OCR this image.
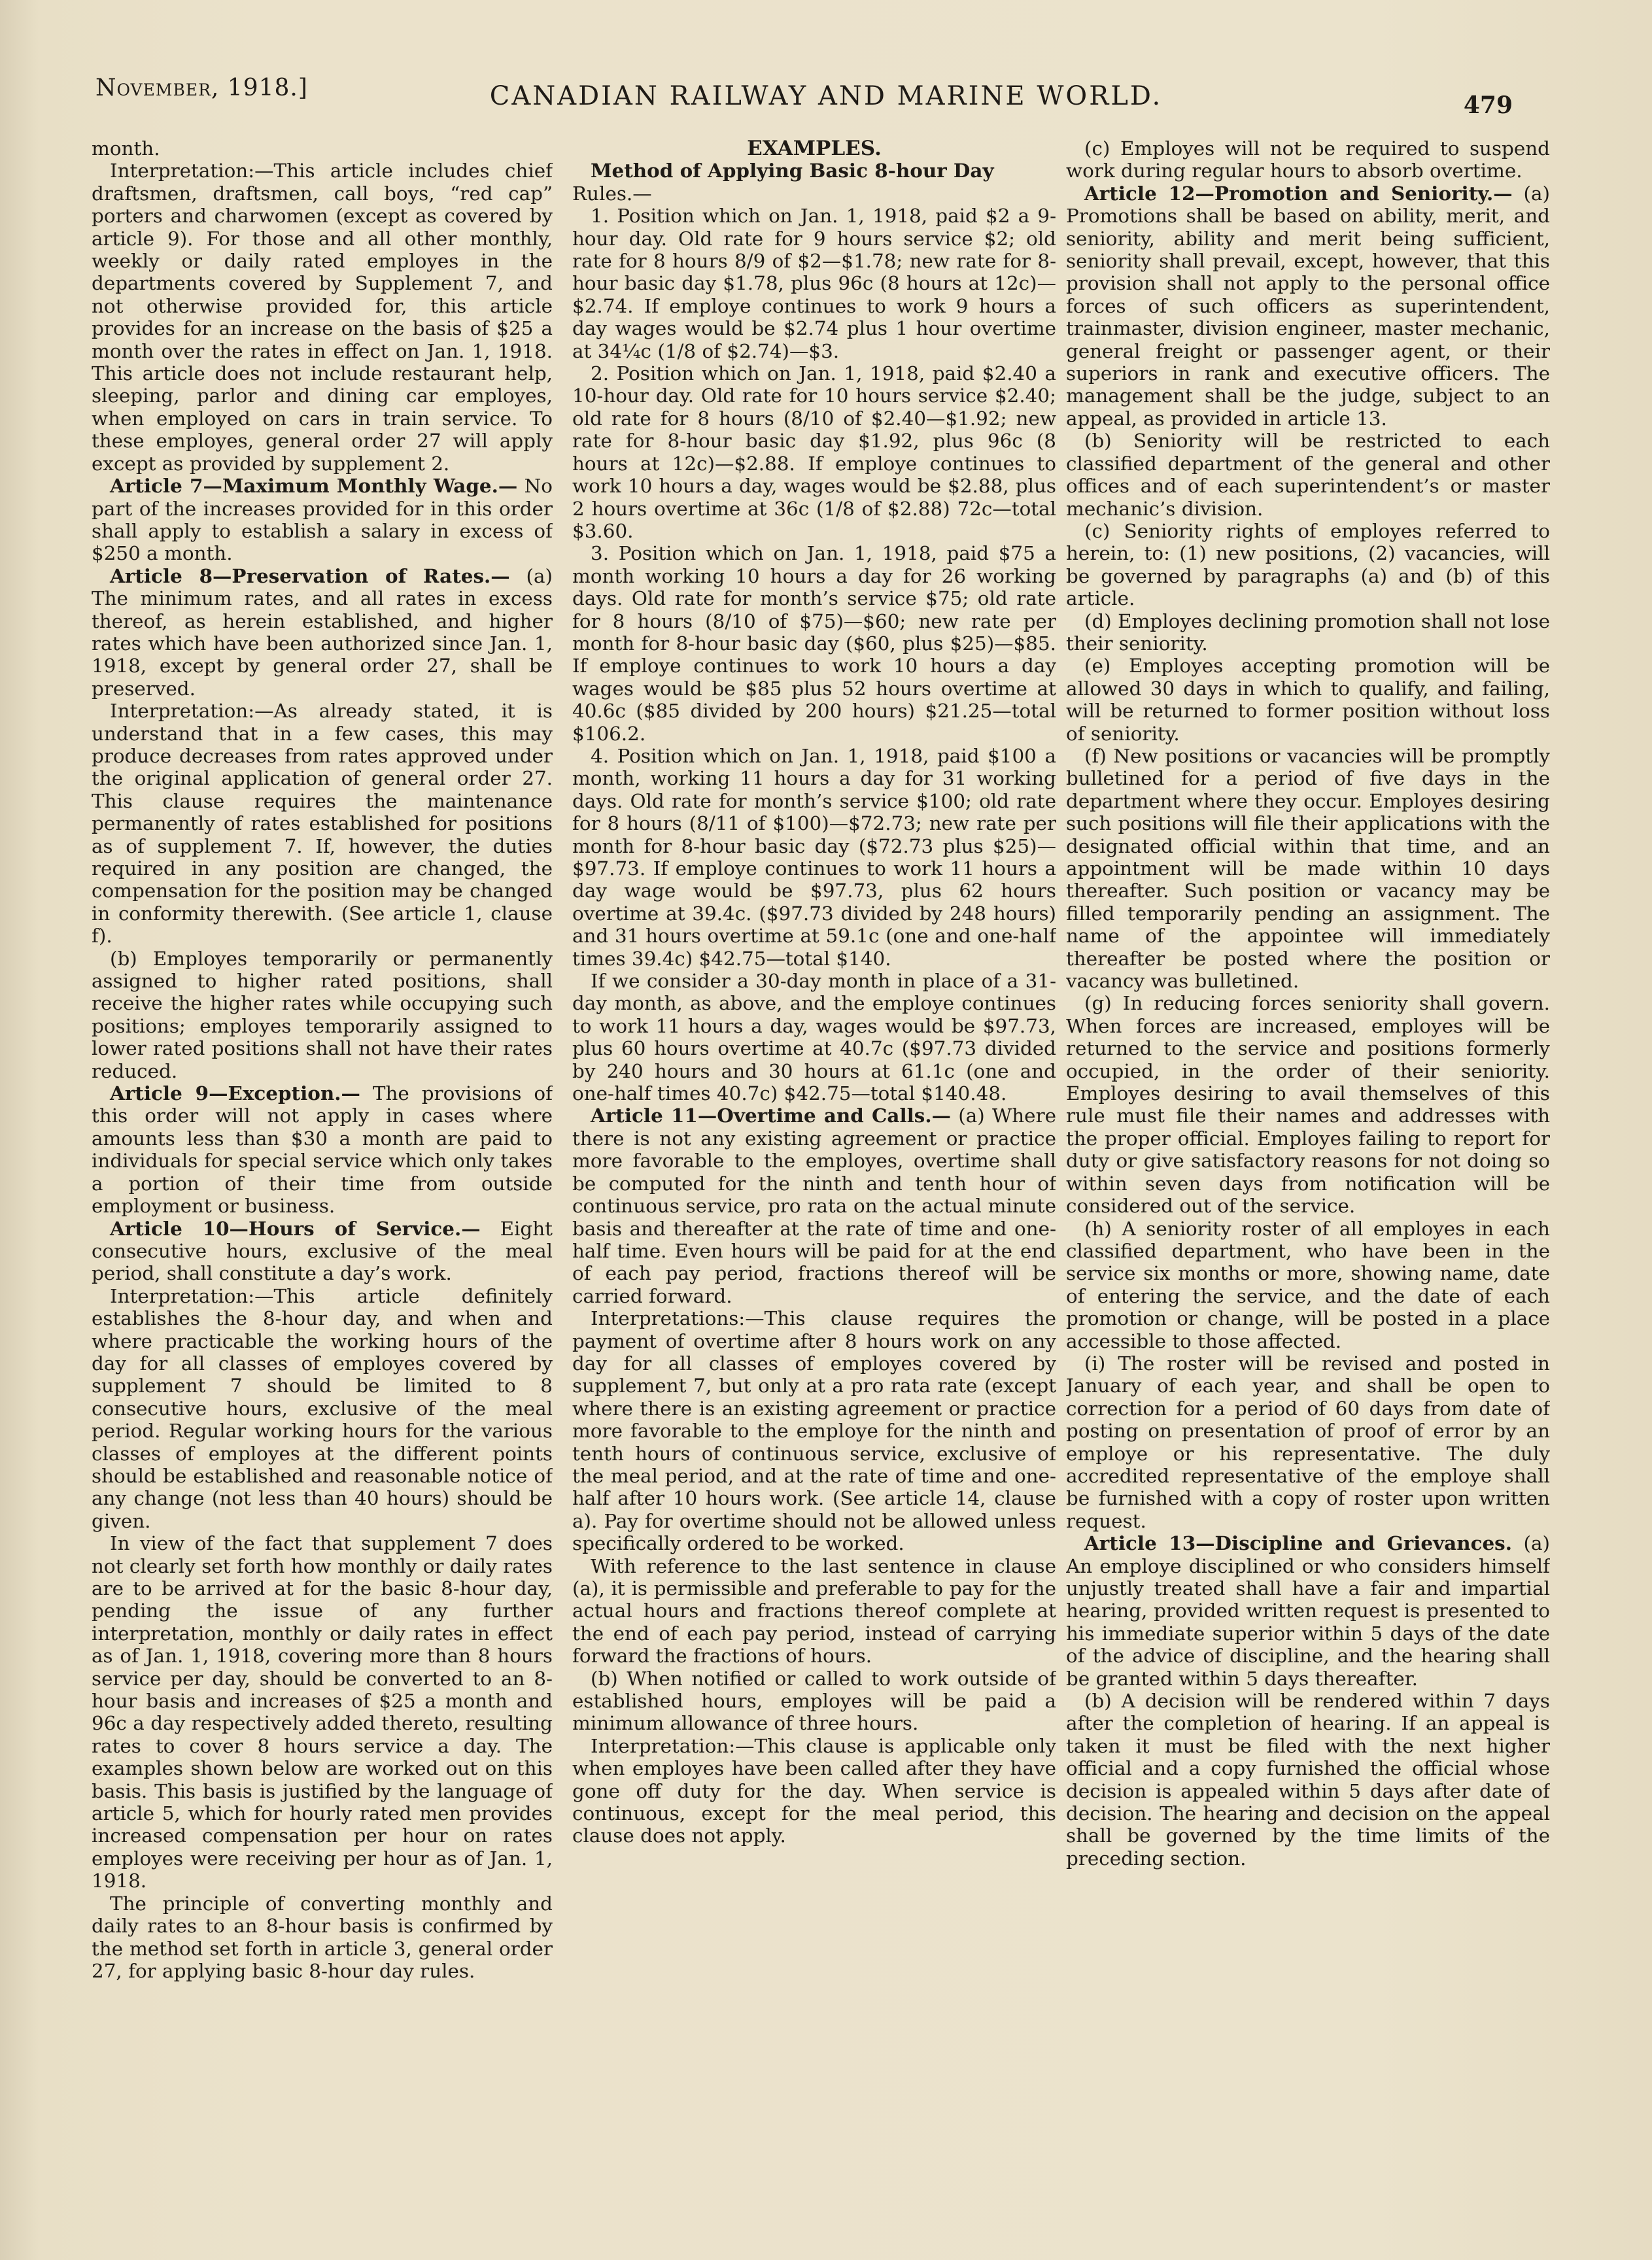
November, 1918.]	CANADIAN RAILWAY AND MARINE WORLD.	479

month.

Interpretation:—This article includes chief draftsmen, draftsmen, call boys, “red cap” porters and charwomen (except as covered by article 9). For those and all other monthly, weekly or daily rated employes in the departments covered by Supplement 7, and not otherwise provided for, this article provides for an increase on the basis of $25 a month over the rates in effect on Jan. 1, 1918. This article does not include restaurant help, sleeping, parlor and dining car employes, when employed on cars in train service. To these employes, general order 27 will apply except as provided by supplement 2.

Article 7—Maximum Monthly Wage.— No part of the increases provided for in this order shall apply to establish a salary in excess of $250 a month.

Article 8—Preservation of Rates.— (a) The minimum rates, and all rates in excess thereof, as herein established, and higher rates which have been authorized since Jan. 1, 1918, except by general order 27, shall be preserved.

Interpretation:—As already stated, it is understand that in a few cases, this may produce decreases from rates approved under the original application of general order 27. This clause requires the maintenance permanently of rates established for positions as of supplement 7. If, however, the duties required in any position are changed, the compensation for the position may be changed in conformity therewith. (See article 1, clause f).

(b) Employes temporarily or permanently assigned to higher rated positions, shall receive the higher rates while occupying such positions; employes temporarily assigned to lower rated positions shall not have their rates reduced.

Article 9—Exception.— The provisions of this order will not apply in cases where amounts less than $30 a month are paid to individuals for special service which only takes a portion of their time from outside employment or business.

Article 10—Hours of Service.— Eight consecutive hours, exclusive of the meal period, shall constitute a day’s work.

Interpretation:—This article definitely establishes the 8-hour day, and when and where practicable the working hours of the day for all classes of employes covered by supplement 7 should be limited to 8 consecutive hours, exclusive of the meal period. Regular working hours for the various classes of employes at the different points should be established and reasonable notice of any change (not less than 40 hours) should be given.

In view of the fact that supplement 7 does not clearly set forth how monthly or daily rates are to be arrived at for the basic 8-hour day, pending the issue of any further interpretation, monthly or daily rates in effect as of Jan. 1, 1918, covering more than 8 hours service per day, should be converted to an 8-hour basis and increases of $25 a month and 96c a day respectively added thereto, resulting rates to cover 8 hours service a day. The examples shown below are worked out on this basis. This basis is justified by the language of article 5, which for hourly rated men provides increased compensation per hour on rates employes were receiving per hour as of Jan. 1, 1918.

The principle of converting monthly and daily rates to an 8-hour basis is confirmed by the method set forth in article 3, general order 27, for applying basic 8-hour day rules.

EXAMPLES.

Method of Applying Basic 8-hour Day
Rules.—

1. Position which on Jan. 1, 1918, paid $2 a 9-hour day. Old rate for 9 hours service $2; old rate for 8 hours 8/9 of $2—$1.78; new rate for 8-hour basic day $1.78, plus 96c (8 hours at 12c)—$2.74. If employe continues to work 9 hours a day wages would be $2.74 plus 1 hour overtime at 34¼c (1/8 of $2.74)—$3.

2. Position which on Jan. 1, 1918, paid $2.40 a 10-hour day. Old rate for 10 hours service $2.40; old rate for 8 hours (8/10 of $2.40—$1.92; new rate for 8-hour basic day $1.92, plus 96c (8 hours at 12c)—$2.88. If employe continues to work 10 hours a day, wages would be $2.88, plus 2 hours overtime at 36c (1/8 of $2.88) 72c—total $3.60.

3. Position which on Jan. 1, 1918, paid $75 a month working 10 hours a day for 26 working days. Old rate for month’s service $75; old rate for 8 hours (8/10 of $75)—$60; new rate per month for 8-hour basic day ($60, plus $25)—$85. If employe continues to work 10 hours a day wages would be $85 plus 52 hours overtime at 40.6c ($85 divided by 200 hours) $21.25—total $106.2.

4. Position which on Jan. 1, 1918, paid $100 a month, working 11 hours a day for 31 working days. Old rate for month’s service $100; old rate for 8 hours (8/11 of $100)—$72.73; new rate per month for 8-hour basic day ($72.73 plus $25)—$97.73. If employe continues to work 11 hours a day wage would be $97.73, plus 62 hours overtime at 39.4c. ($97.73 divided by 248 hours) and 31 hours overtime at 59.1c (one and one-half times 39.4c) $42.75—total $140.

If we consider a 30-day month in place of a 31-day month, as above, and the employe continues to work 11 hours a day, wages would be $97.73, plus 60 hours overtime at 40.7c ($97.73 divided by 240 hours and 30 hours at 61.1c (one and one-half times 40.7c) $42.75—total $140.48.

Article 11—Overtime and Calls.— (a) Where there is not any existing agreement or practice more favorable to the employes, overtime shall be computed for the ninth and tenth hour of continuous service, pro rata on the actual minute basis and thereafter at the rate of time and one-half time. Even hours will be paid for at the end of each pay period, fractions thereof will be carried forward.

Interpretations:—This clause requires the payment of overtime after 8 hours work on any day for all classes of employes covered by supplement 7, but only at a pro rata rate (except where there is an existing agreement or practice more favorable to the employe for the ninth and tenth hours of continuous service, exclusive of the meal period, and at the rate of time and one-half after 10 hours work. (See article 14, clause a). Pay for overtime should not be allowed unless specifically ordered to be worked.

With reference to the last sentence in clause (a), it is permissible and preferable to pay for the actual hours and fractions thereof complete at the end of each pay period, instead of carrying forward the fractions of hours.

(b) When notified or called to work outside of established hours, employes will be paid a minimum allowance of three hours.

Interpretation:—This clause is applicable only when employes have been called after they have gone off duty for the day. When service is continuous, except for the meal period, this clause does not apply.

(c) Employes will not be required to suspend work during regular hours to absorb overtime.

Article 12—Promotion and Seniority.— (a) Promotions shall be based on ability, merit, and seniority, ability and merit being sufficient, seniority shall prevail, except, however, that this provision shall not apply to the personal office forces of such officers as superintendent, trainmaster, division engineer, master mechanic, general freight or passenger agent, or their superiors in rank and executive officers. The management shall be the judge, subject to an appeal, as provided in article 13.

(b) Seniority will be restricted to each classified department of the general and other offices and of each superintendent’s or master mechanic’s division.

(c) Seniority rights of employes referred to herein, to: (1) new positions, (2) vacancies, will be governed by paragraphs (a) and (b) of this article.

(d) Employes declining promotion shall not lose their seniority.

(e) Employes accepting promotion will be allowed 30 days in which to qualify, and failing, will be returned to former position without loss of seniority.

(f) New positions or vacancies will be promptly bulletined for a period of five days in the department where they occur. Employes desiring such positions will file their applications with the designated official within that time, and an appointment will be made within 10 days thereafter. Such position or vacancy may be filled temporarily pending an assignment. The name of the appointee will immediately thereafter be posted where the position or vacancy was bulletined.

(g) In reducing forces seniority shall govern. When forces are increased, employes will be returned to the service and positions formerly occupied, in the order of their seniority. Employes desiring to avail themselves of this rule must file their names and addresses with the proper official. Employes failing to report for duty or give satisfactory reasons for not doing so within seven days from notification will be considered out of the service.

(h) A seniority roster of all employes in each classified department, who have been in the service six months or more, showing name, date of entering the service, and the date of each promotion or change, will be posted in a place accessible to those affected.

(i) The roster will be revised and posted in January of each year, and shall be open to correction for a period of 60 days from date of posting on presentation of proof of error by an employe or his representative. The duly accredited representative of the employe shall be furnished with a copy of roster upon written request.

Article 13—Discipline and Grievances. (a) An employe disciplined or who considers himself unjustly treated shall have a fair and impartial hearing, provided written request is presented to his immediate superior within 5 days of the date of the advice of discipline, and the hearing shall be granted within 5 days thereafter.

(b) A decision will be rendered within 7 days after the completion of hearing. If an appeal is taken it must be filed with the next higher official and a copy furnished the official whose decision is appealed within 5 days after date of decision. The hearing and decision on the appeal shall be governed by the time limits of the preceding section.
